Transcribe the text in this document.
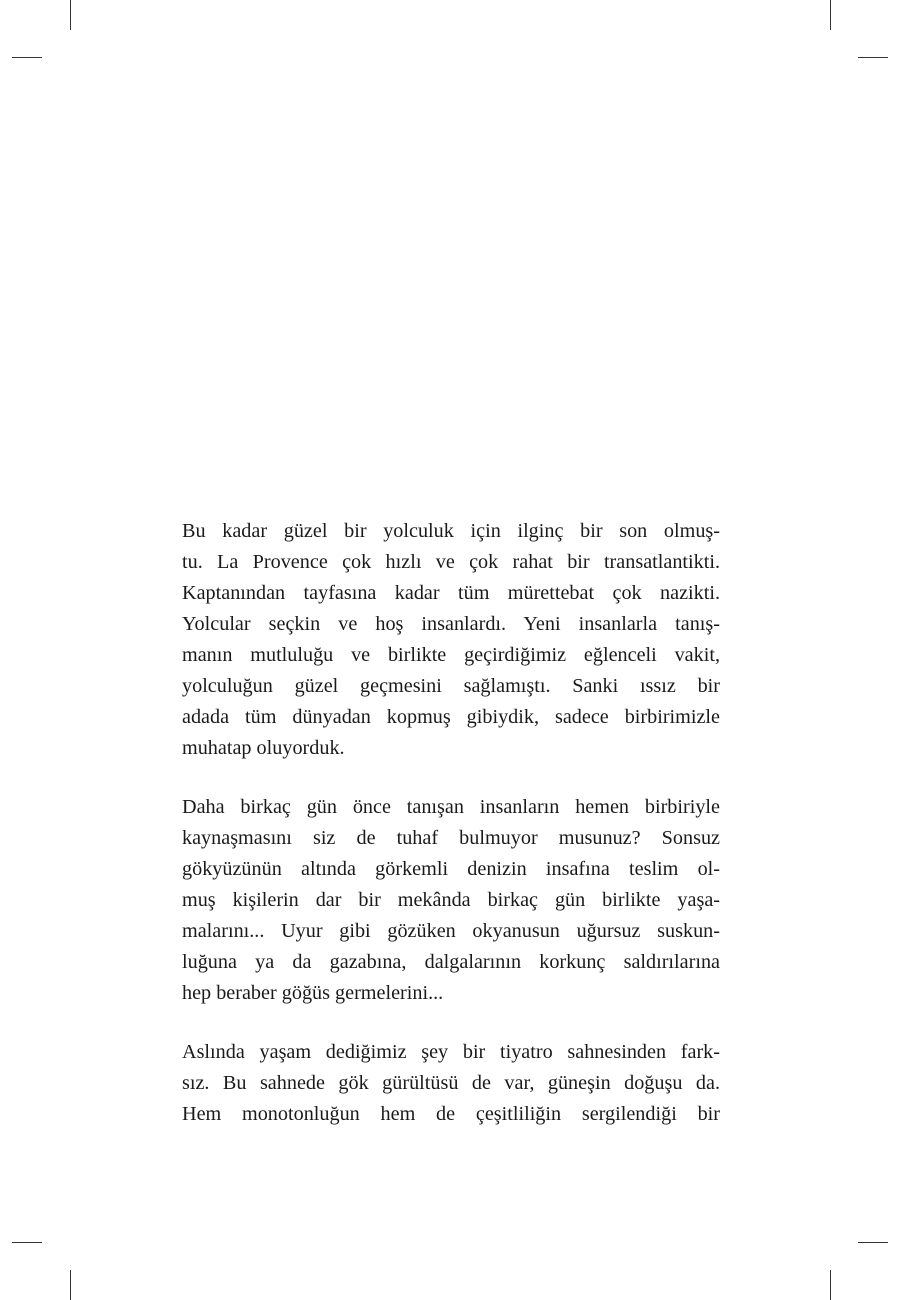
Bu kadar güzel bir yolculuk için ilginç bir son olmuş-
tu. La Provence çok hızlı ve çok rahat bir transatlantikti.
Kaptanından tayfasına kadar tüm mürettebat çok nazikti.
Yolcular seçkin ve hoş insanlardı. Yeni insanlarla tanış-
manın mutluluğu ve birlikte geçirdiğimiz eğlenceli vakit,
yolculuğun güzel geçmesini sağlamıştı. Sanki ıssız bir
adada tüm dünyadan kopmuş gibiydik, sadece birbirimizle
muhatap oluyorduk.

Daha birkaç gün önce tanışan insanların hemen birbiriyle
kaynaşmasını siz de tuhaf bulmuyor musunuz? Sonsuz
gökyüzünün altında görkemli denizin insafına teslim ol-
muş kişilerin dar bir mekânda birkaç gün birlikte yaşa-
malarını... Uyur gibi gözüken okyanusun uğursuz suskun-
luğuna ya da gazabına, dalgalarının korkunç saldırılarına
hep beraber göğüs germelerini...

Aslında yaşam dediğimiz şey bir tiyatro sahnesinden fark-
sız. Bu sahnede gök gürültüsü de var, güneşin doğuşu da.
Hem monotonluğun hem de çeşitliliğin sergilendiği bir
